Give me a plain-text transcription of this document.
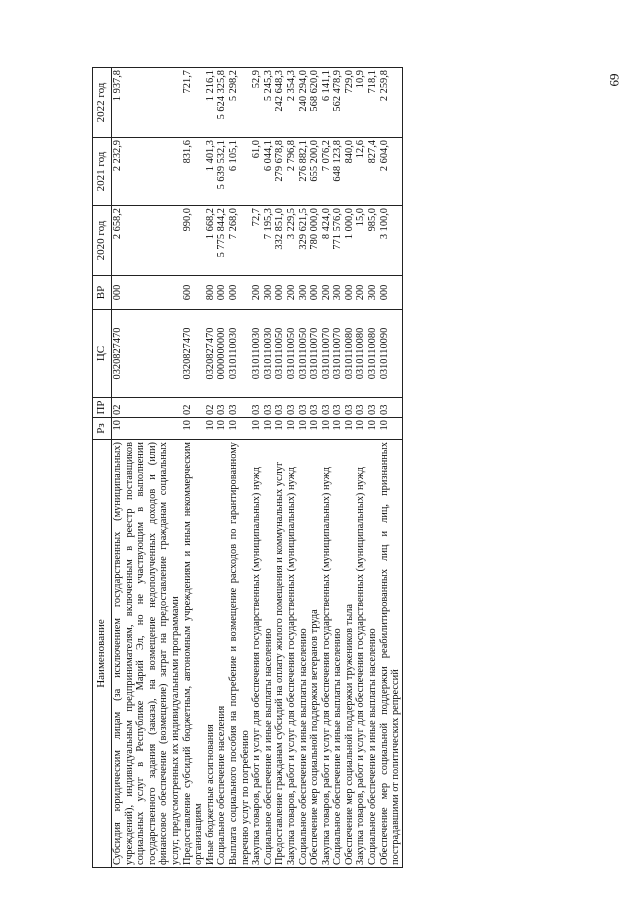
69
Наименование	Рз	ПР	ЦС	ВР	2020 год	2021 год	2022 год
Субсидия юридическим лицам (за исключением государственных (муниципальных) учреждений), индивидуальным предпринимателям, включенным в реестр поставщиков социальных услуг в Республике Марий Эл, но не участвующим в выполнении государственного задания (заказа), на возмещение недополученных доходов и (или) финансовое обеспечение (возмещение) затрат на предоставление гражданам социальных услуг, предусмотренных их индивидуальными программами	10	02	0320827470	000	2 658,2	2 232,9	1 937,8
Предоставление субсидий бюджетным, автономным учреждениям и иным некоммерческим организациям	10	02	0320827470	600	990,0	831,6	721,7
Иные бюджетные ассигнования	10	02	0320827470	800	1 668,2	1 401,3	1 216,1
Социальное обеспечение населения	10	03	0000000000	000	5 775 844,2	5 639 532,1	5 624 325,8
Выплата социального пособия на погребение и возмещение расходов по гарантированному перечню услуг по погребению	10	03	0310110030	000	7 268,0	6 105,1	5 298,2
Закупка товаров, работ и услуг для обеспечения государственных (муниципальных) нужд	10	03	0310110030	200	72,7	61,0	52,9
Социальное обеспечение и иные выплаты населению	10	03	0310110030	300	7 195,3	6 044,1	5 245,3
Предоставление гражданам субсидий на оплату жилого помещения и коммунальных услуг	10	03	0310110050	000	332 851,0	279 678,8	242 648,3
Закупка товаров, работ и услуг для обеспечения государственных (муниципальных) нужд	10	03	0310110050	200	3 229,5	2 796,8	2 354,3
Социальное обеспечение и иные выплаты населению	10	03	0310110050	300	329 621,5	276 882,1	240 294,0
Обеспечение мер социальной поддержки ветеранов труда	10	03	0310110070	000	780 000,0	655 200,0	568 620,0
Закупка товаров, работ и услуг для обеспечения государственных (муниципальных) нужд	10	03	0310110070	200	8 424,0	7 076,2	6 141,1
Социальное обеспечение и иные выплаты населению	10	03	0310110070	300	771 576,0	648 123,8	562 478,9
Обеспечение мер социальной поддержки тружеников тыла	10	03	0310110080	000	1 000,0	840,0	729,0
Закупка товаров, работ и услуг для обеспечения государственных (муниципальных) нужд	10	03	0310110080	200	15,0	12,6	10,9
Социальное обеспечение и иные выплаты населению	10	03	0310110080	300	985,0	827,4	718,1
Обеспечение мер социальной поддержки реабилитированных лиц и лиц, признанных пострадавшими от политических репрессий	10	03	0310110090	000	3 100,0	2 604,0	2 259,8
